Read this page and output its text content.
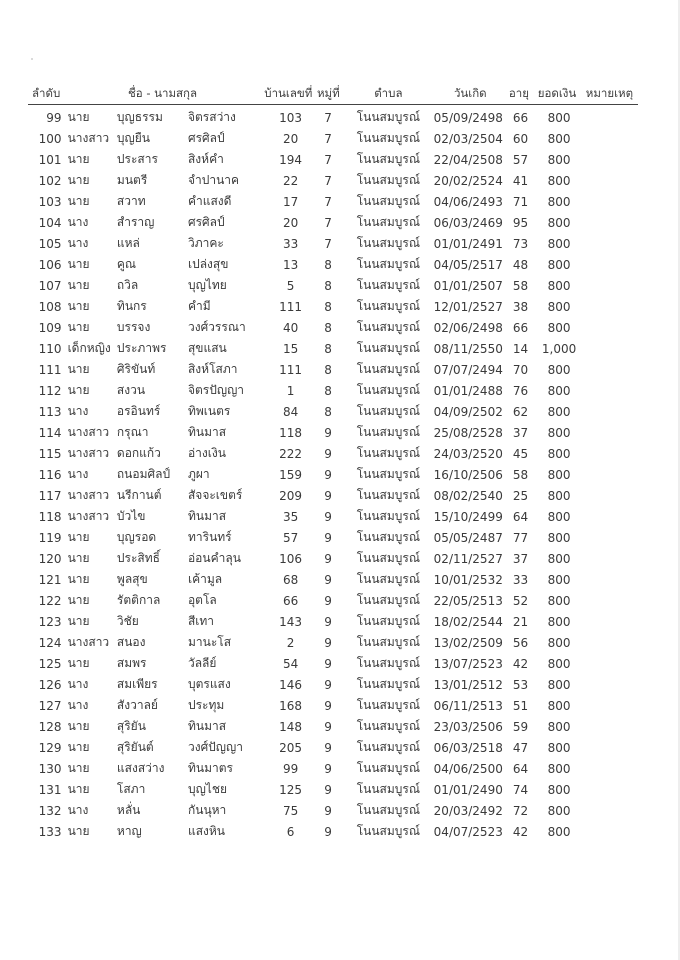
ลำดับ	ชื่อ - นามสกุล	บ้านเลขที่ หมู่ที่	ตำบล	วันเกิด	อายุ ยอดเงิน หมายเหตุ
99 นาย	บุญธรรม	จิตรสว่าง	103	7	โนนสมบูรณ์	05/09/2498 66	800
100 นางสาว บุญยืน	ศรศิลป์	20	7	โนนสมบูรณ์	02/03/2504 60	800
101 นาย	ประสาร	สิงห์คำ	194	7	โนนสมบูรณ์	22/04/2508 57	800
102 นาย	มนตรี	จำปานาค	22	7	โนนสมบูรณ์	20/02/2524 41	800
103 นาย	สวาท	คำแสงดี	17	7	โนนสมบูรณ์	04/06/2493 71	800
104 นาง	สำราญ	ศรศิลป์	20	7	โนนสมบูรณ์	06/03/2469 95	800
105 นาง	แหล่	วิภาคะ	33	7	โนนสมบูรณ์	01/01/2491 73	800
106 นาย	คูณ	เปล่งสุข	13	8	โนนสมบูรณ์	04/05/2517 48	800
107 นาย	ถวิล	บุญไทย	5	8	โนนสมบูรณ์	01/01/2507 58	800
108 นาย	ทินกร	คำมี	111	8	โนนสมบูรณ์	12/01/2527 38	800
109 นาย	บรรจง	วงศ์วรรณา	40	8	โนนสมบูรณ์	02/06/2498 66	800
110 เด็กหญิง ประภาพร	สุขแสน	15	8	โนนสมบูรณ์	08/11/2550 14	1,000
111 นาย	ศิริขันท์	สิงห์โสภา	111	8	โนนสมบูรณ์	07/07/2494 70	800
112 นาย	สงวน	จิตรปัญญา	1	8	โนนสมบูรณ์	01/01/2488 76	800
113 นาง	อรอินทร์	ทิพเนตร	84	8	โนนสมบูรณ์	04/09/2502 62	800
114 นางสาว กรุณา	ทินมาส	118	9	โนนสมบูรณ์	25/08/2528 37	800
115 นางสาว ดอกแก้ว	อ่างเงิน	222	9	โนนสมบูรณ์	24/03/2520 45	800
116 นาง	ถนอมศิลป์	ภูผา	159	9	โนนสมบูรณ์	16/10/2506 58	800
117 นางสาว นรีกานต์	สัจจะเขตร์	209	9	โนนสมบูรณ์	08/02/2540 25	800
118 นางสาว บัวไข	ทินมาส	35	9	โนนสมบูรณ์	15/10/2499 64	800
119 นาย	บุญรอด	ทารินทร์	57	9	โนนสมบูรณ์	05/05/2487 77	800
120 นาย	ประสิทธิ์	อ่อนคำลุน	106	9	โนนสมบูรณ์	02/11/2527 37	800
121 นาย	พูลสุข	เค้ามูล	68	9	โนนสมบูรณ์	10/01/2532 33	800
122 นาย	รัตติกาล	อุตโล	66	9	โนนสมบูรณ์	22/05/2513 52	800
123 นาย	วิชัย	สีเทา	143	9	โนนสมบูรณ์	18/02/2544 21	800
124 นางสาว สนอง	มานะโส	2	9	โนนสมบูรณ์	13/02/2509 56	800
125 นาย	สมพร	วัลลีย์	54	9	โนนสมบูรณ์	13/07/2523 42	800
126 นาง	สมเพียร	บุตรแสง	146	9	โนนสมบูรณ์	13/01/2512 53	800
127 นาง	สังวาลย์	ประทุม	168	9	โนนสมบูรณ์	06/11/2513 51	800
128 นาย	สุริยัน	ทินมาส	148	9	โนนสมบูรณ์	23/03/2506 59	800
129 นาย	สุริยันต์	วงศ์ปัญญา	205	9	โนนสมบูรณ์	06/03/2518 47	800
130 นาย	แสงสว่าง	ทินมาตร	99	9	โนนสมบูรณ์	04/06/2500 64	800
131 นาย	โสภา	บุญไชย	125	9	โนนสมบูรณ์	01/01/2490 74	800
132 นาง	หลั่น	กันนุหา	75	9	โนนสมบูรณ์	20/03/2492 72	800
133 นาย	หาญ	แสงหิน	6	9	โนนสมบูรณ์	04/07/2523 42	800
